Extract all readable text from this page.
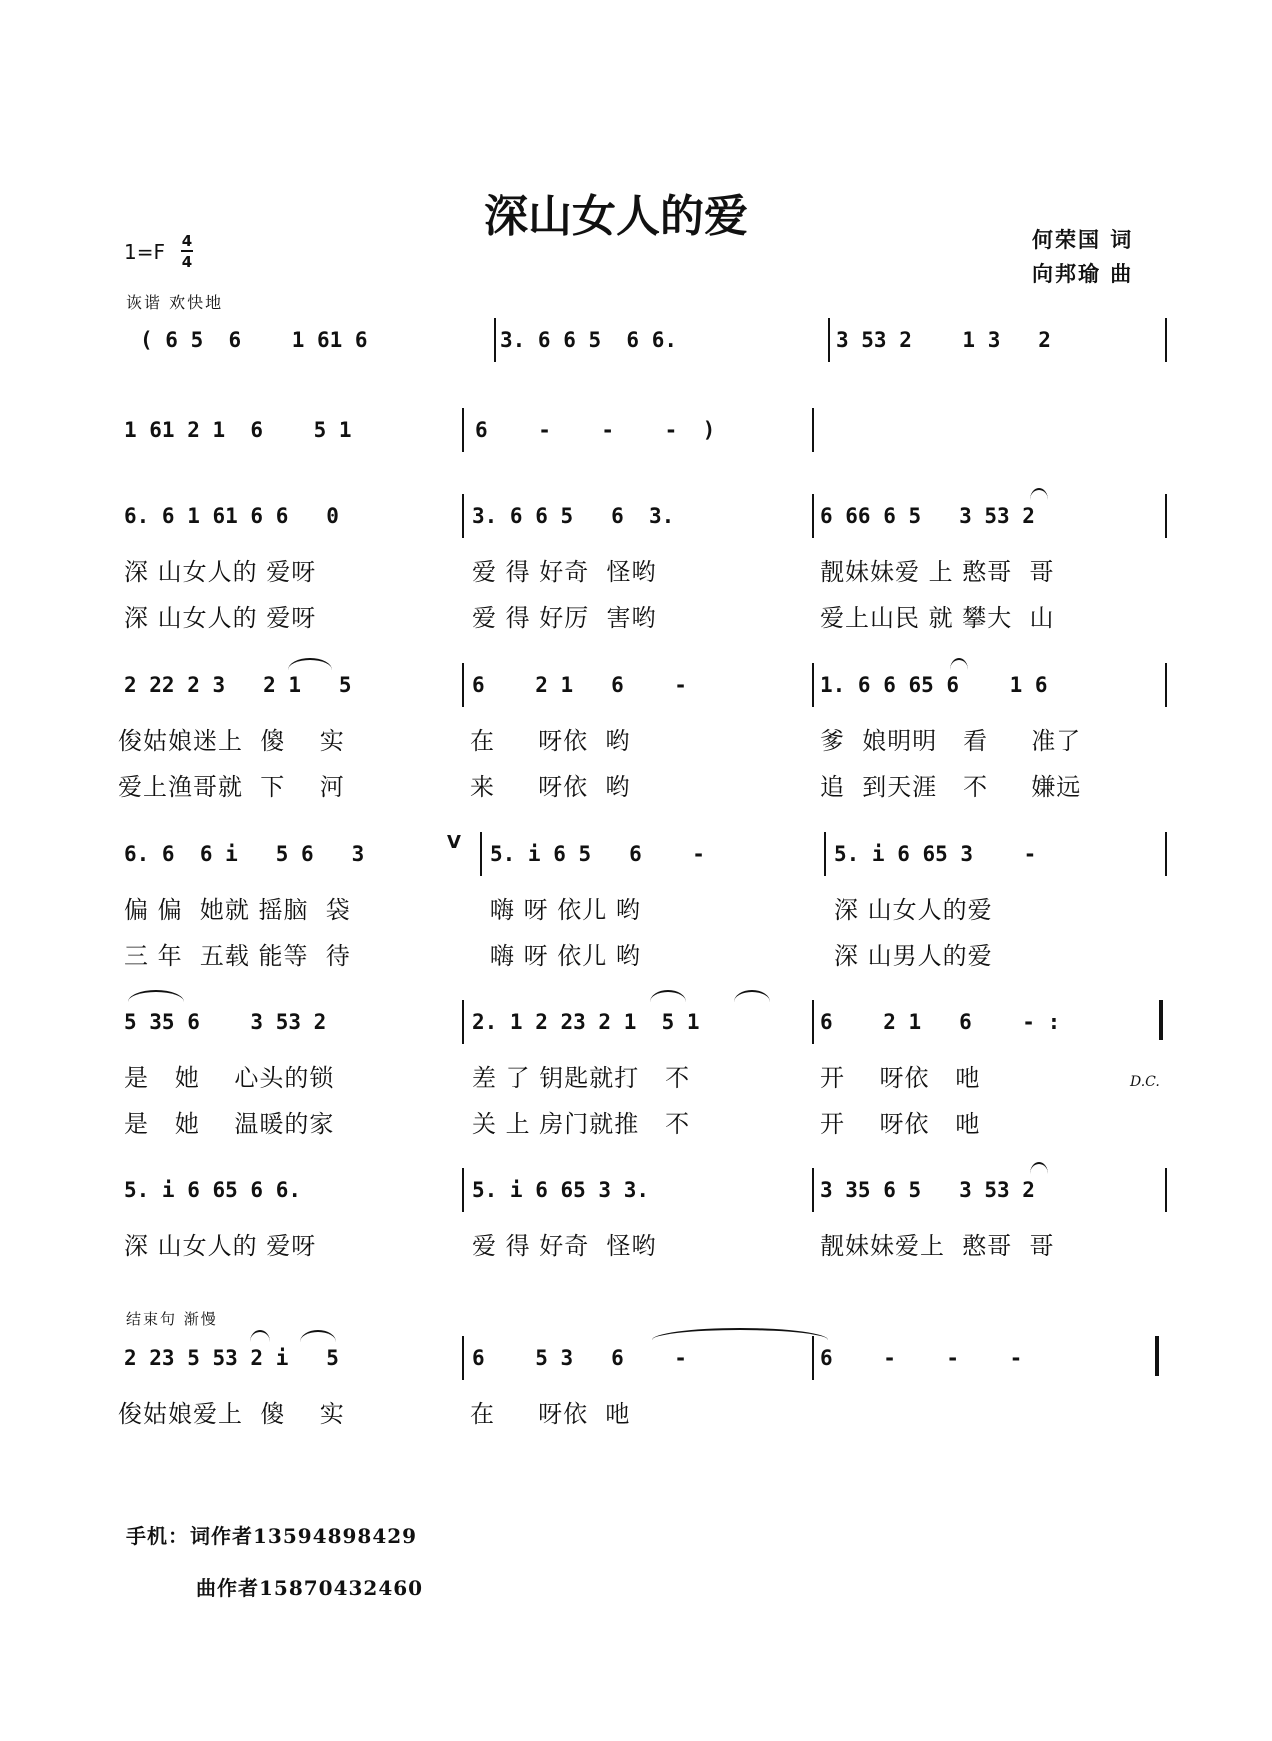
深山女人的爱	何荣国 词
向邦瑜 曲
1=F 4
4
诙谐 欢快地
( 6 5  6    1 61 6	3. 6 6 5  6 6.	3 53 2    1 3   2
1 61 2 1  6    5 1	6    -    -    -  )
6. 6 1 61 6 6   0	3. 6 6 5   6  3.	6 66 6 5   3 53 2
深 山女人的 爱呀	爱 得 好奇  怪哟	靓妹妹爱 上 憨哥  哥
深 山女人的 爱呀	爱 得 好厉  害哟	爱上山民 就 攀大  山
2 22 2 3   2 1   5	6    2 1   6    -	1. 6 6 65 6    1 6
俊姑娘迷上  傻    实	在     呀依  哟	爹  娘明明   看     准了
爱上渔哥就  下    河	来     呀依  哟	追  到天涯   不     嫌远
6. 6  6 i   5 6   3	5. i 6 5   6    -	5. i 6 65 3    -
偏 偏  她就 摇脑  袋	嗨 呀 依儿 哟	深 山女人的爱
三 年  五载 能等  待	嗨 呀 依儿 哟	深 山男人的爱
5 35 6    3 53 2	2. 1 2 23 2 1  5 1	6    2 1   6    - :
是   她    心头的锁	差 了 钥匙就打   不	开    呀依   吔
是   她    温暖的家	关 上 房门就推   不	开    呀依   吔
5. i 6 65 6 6.	5. i 6 65 3 3.	3 35 6 5   3 53 2
深 山女人的 爱呀	爱 得 好奇  怪哟	靓妹妹爱上  憨哥  哥
2 23 5 53 2 i   5	6    5 3   6    -	6    -    -    -
俊姑娘爱上  傻    实	在     呀依  吔
结束句 渐慢
D.C.
V
手机： 词作者13594898429
曲作者15870432460
